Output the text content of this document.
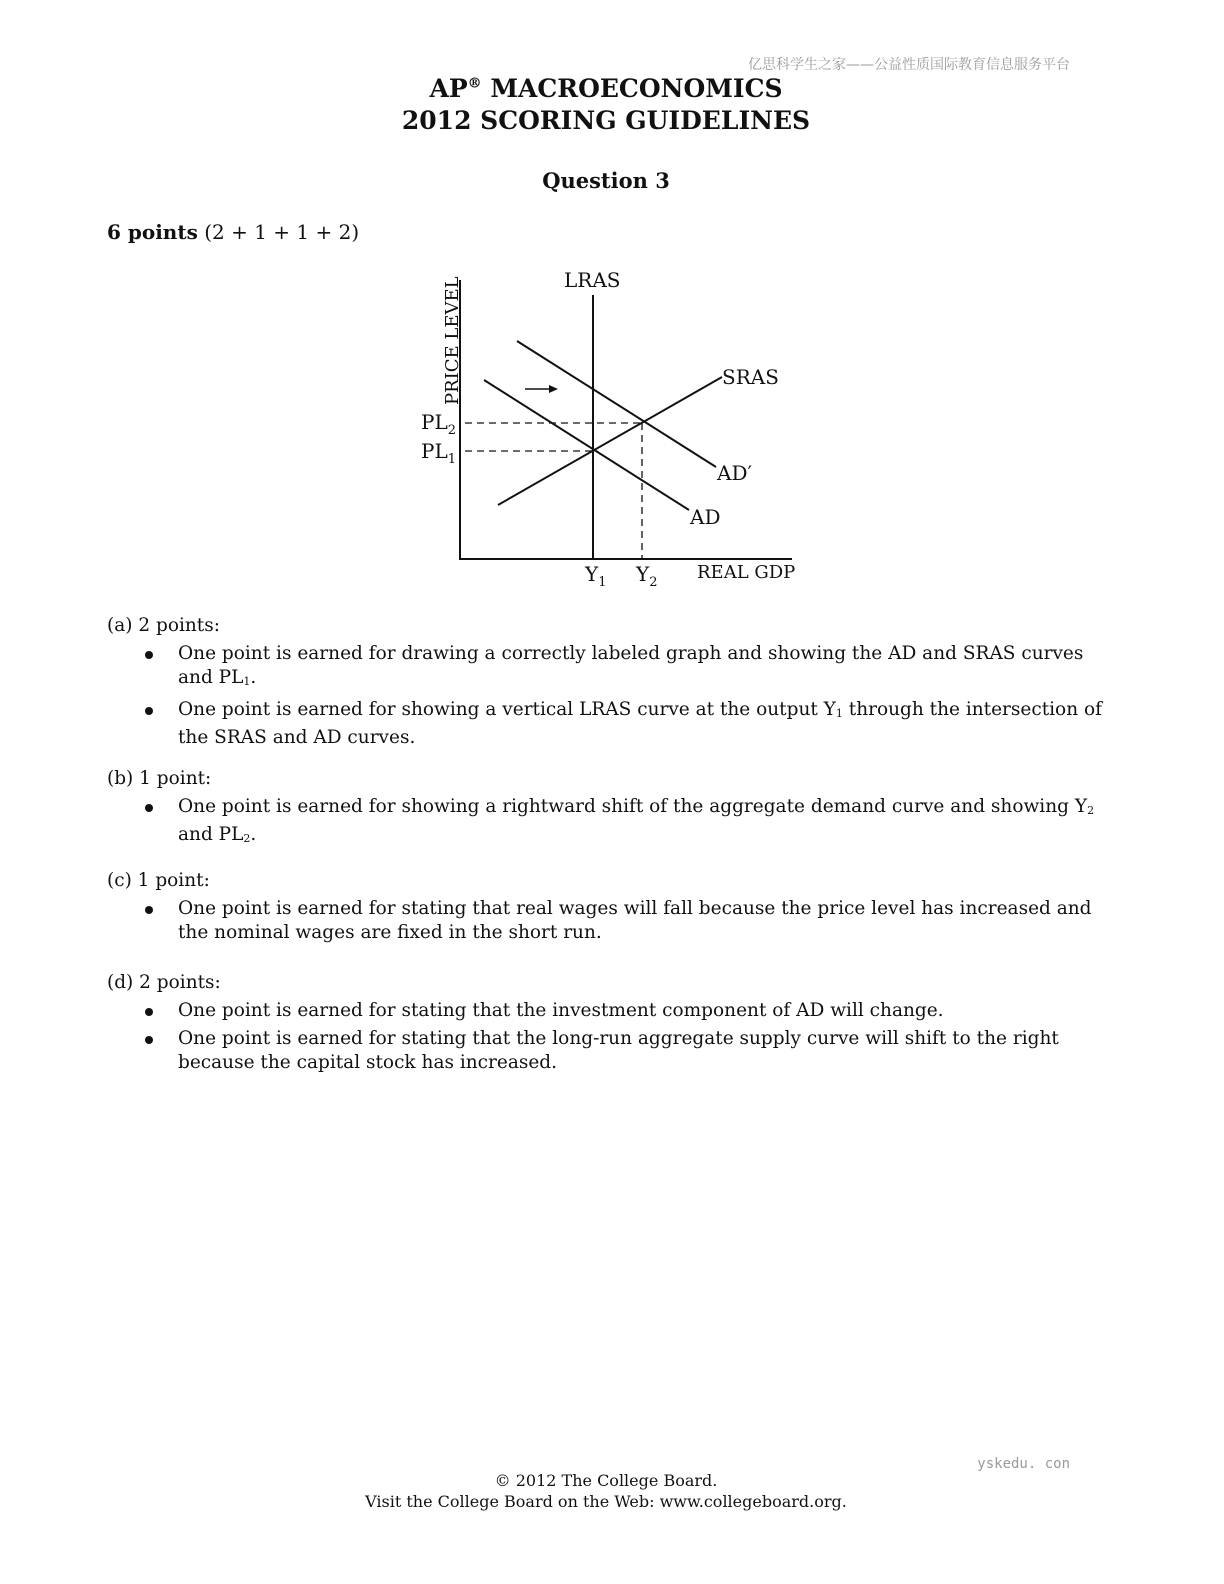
亿思科学生之家——公益性质国际教育信息服务平台
AP® MACROECONOMICS
2012 SCORING GUIDELINES
Question 3
6 points (2 + 1 + 1 + 2)
PRICE LEVEL	LRAS
SRAS
AD′
AD
REAL GDP
$PL_2$
$PL_1$
$Y_1$ $Y_2$
(a) 2 points:
One point is earned for drawing a correctly labeled graph and showing the AD and SRAS curves and PL1.
One point is earned for showing a vertical LRAS curve at the output Y1 through the intersection of the SRAS and AD curves.
(b) 1 point:
One point is earned for showing a rightward shift of the aggregate demand curve and showing Y2 and PL2.
(c) 1 point:
One point is earned for stating that real wages will fall because the price level has increased and the nominal wages are fixed in the short run.
(d) 2 points:
One point is earned for stating that the investment component of AD will change.
One point is earned for stating that the long-run aggregate supply curve will shift to the right because the capital stock has increased.
yskedu. con
© 2012 The College Board.
Visit the College Board on the Web: www.collegeboard.org.
